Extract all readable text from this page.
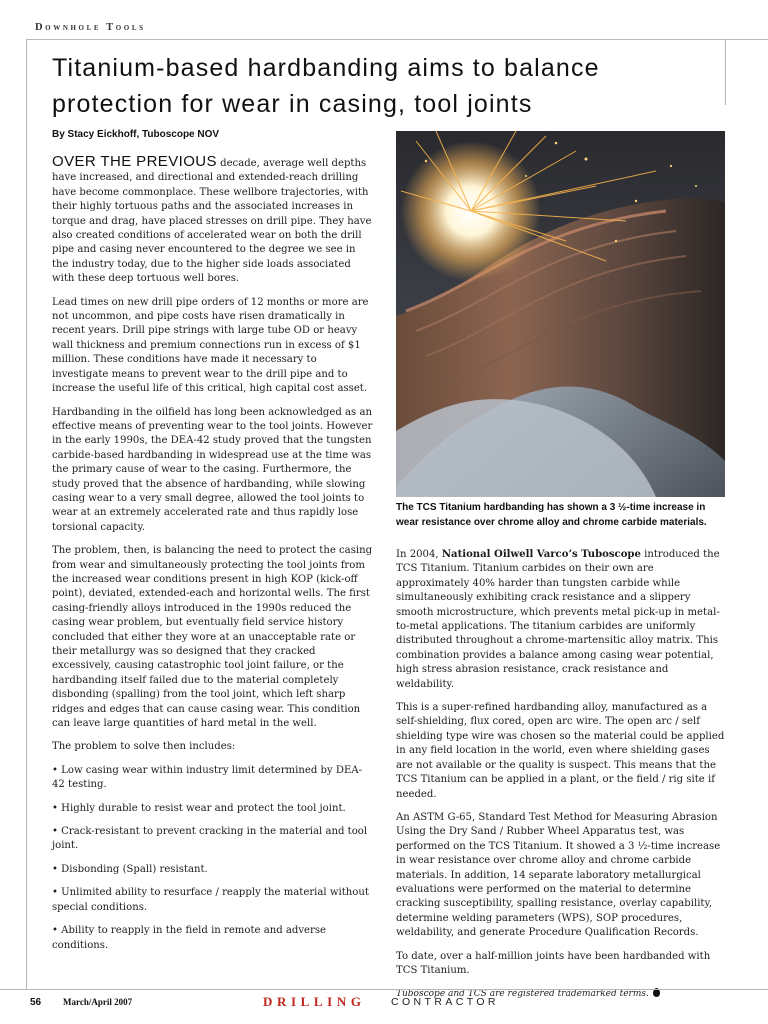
Downhole Tools
Titanium-based hardbanding aims to balance protection for wear in casing, tool joints
By Stacy Eickhoff, Tuboscope NOV

OVER THE PREVIOUS decade, average well depths have increased, and directional and extended-reach drilling have become commonplace. These wellbore trajectories, with their highly tortuous paths and the associated increases in torque and drag, have placed stresses on drill pipe. They have also created conditions of accelerated wear on both the drill pipe and casing never encountered to the degree we see in the industry today, due to the higher side loads associated with these deep tortuous well bores.

Lead times on new drill pipe orders of 12 months or more are not uncommon, and pipe costs have risen dramatically in recent years. Drill pipe strings with large tube OD or heavy wall thickness and premium connections run in excess of $1 million. These conditions have made it necessary to investigate means to prevent wear to the drill pipe and to increase the useful life of this critical, high capital cost asset.

Hardbanding in the oilfield has long been acknowledged as an effective means of preventing wear to the tool joints. However in the early 1990s, the DEA-42 study proved that the tungsten carbide-based hardbanding in widespread use at the time was the primary cause of wear to the casing. Furthermore, the study proved that the absence of hardbanding, while slowing casing wear to a very small degree, allowed the tool joints to wear at an extremely accelerated rate and thus rapidly lose torsional capacity.

The problem, then, is balancing the need to protect the casing from wear and simultaneously protecting the tool joints from the increased wear conditions present in high KOP (kick-off point), deviated, extended-each and horizontal wells. The first casing-friendly alloys introduced in the 1990s reduced the casing wear problem, but eventually field service history concluded that either they wore at an unacceptable rate or their metallurgy was so designed that they cracked excessively, causing catastrophic tool joint failure, or the hardbanding itself failed due to the material completely disbonding (spalling) from the tool joint, which left sharp ridges and edges that can cause casing wear. This condition can leave large quantities of hard metal in the well.

The problem to solve then includes:

• Low casing wear within industry limit determined by DEA-42 testing.

• Highly durable to resist wear and protect the tool joint.

• Crack-resistant to prevent cracking in the material and tool joint.

• Disbonding (Spall) resistant.

• Unlimited ability to resurface / reapply the material without special conditions.

• Ability to reapply in the field in remote and adverse conditions.

The TCS Titanium hardbanding has shown a 3 ½-time increase in wear resistance over chrome alloy and chrome carbide materials.

In 2004, National Oilwell Varco’s Tuboscope introduced the TCS Titanium. Titanium carbides on their own are approximately 40% harder than tungsten carbide while simultaneously exhibiting crack resistance and a slippery smooth microstructure, which prevents metal pick-up in metal-to-metal applications. The titanium carbides are uniformly distributed throughout a chrome-martensitic alloy matrix. This combination provides a balance among casing wear potential, high stress abrasion resistance, crack resistance and weldability.

This is a super-refined hardbanding alloy, manufactured as a self-shielding, flux cored, open arc wire. The open arc / self shielding type wire was chosen so the material could be applied in any field location in the world, even where shielding gases are not available or the quality is suspect. This means that the TCS Titanium can be applied in a plant, or the field / rig site if needed.

An ASTM G-65, Standard Test Method for Measuring Abrasion Using the Dry Sand / Rubber Wheel Apparatus test, was performed on the TCS Titanium. It showed a 3 ½-time increase in wear resistance over chrome alloy and chrome carbide materials. In addition, 14 separate laboratory metallurgical evaluations were performed on the material to determine cracking susceptibility, spalling resistance, overlay capability, determine welding parameters (WPS), SOP procedures, weldability, and generate Procedure Qualification Records.

To date, over a half-million joints have been hardbanded with TCS Titanium.

Tuboscope and TCS are registered trademarked terms.

56 March/April 2007	DRILLING CONTRACTOR
